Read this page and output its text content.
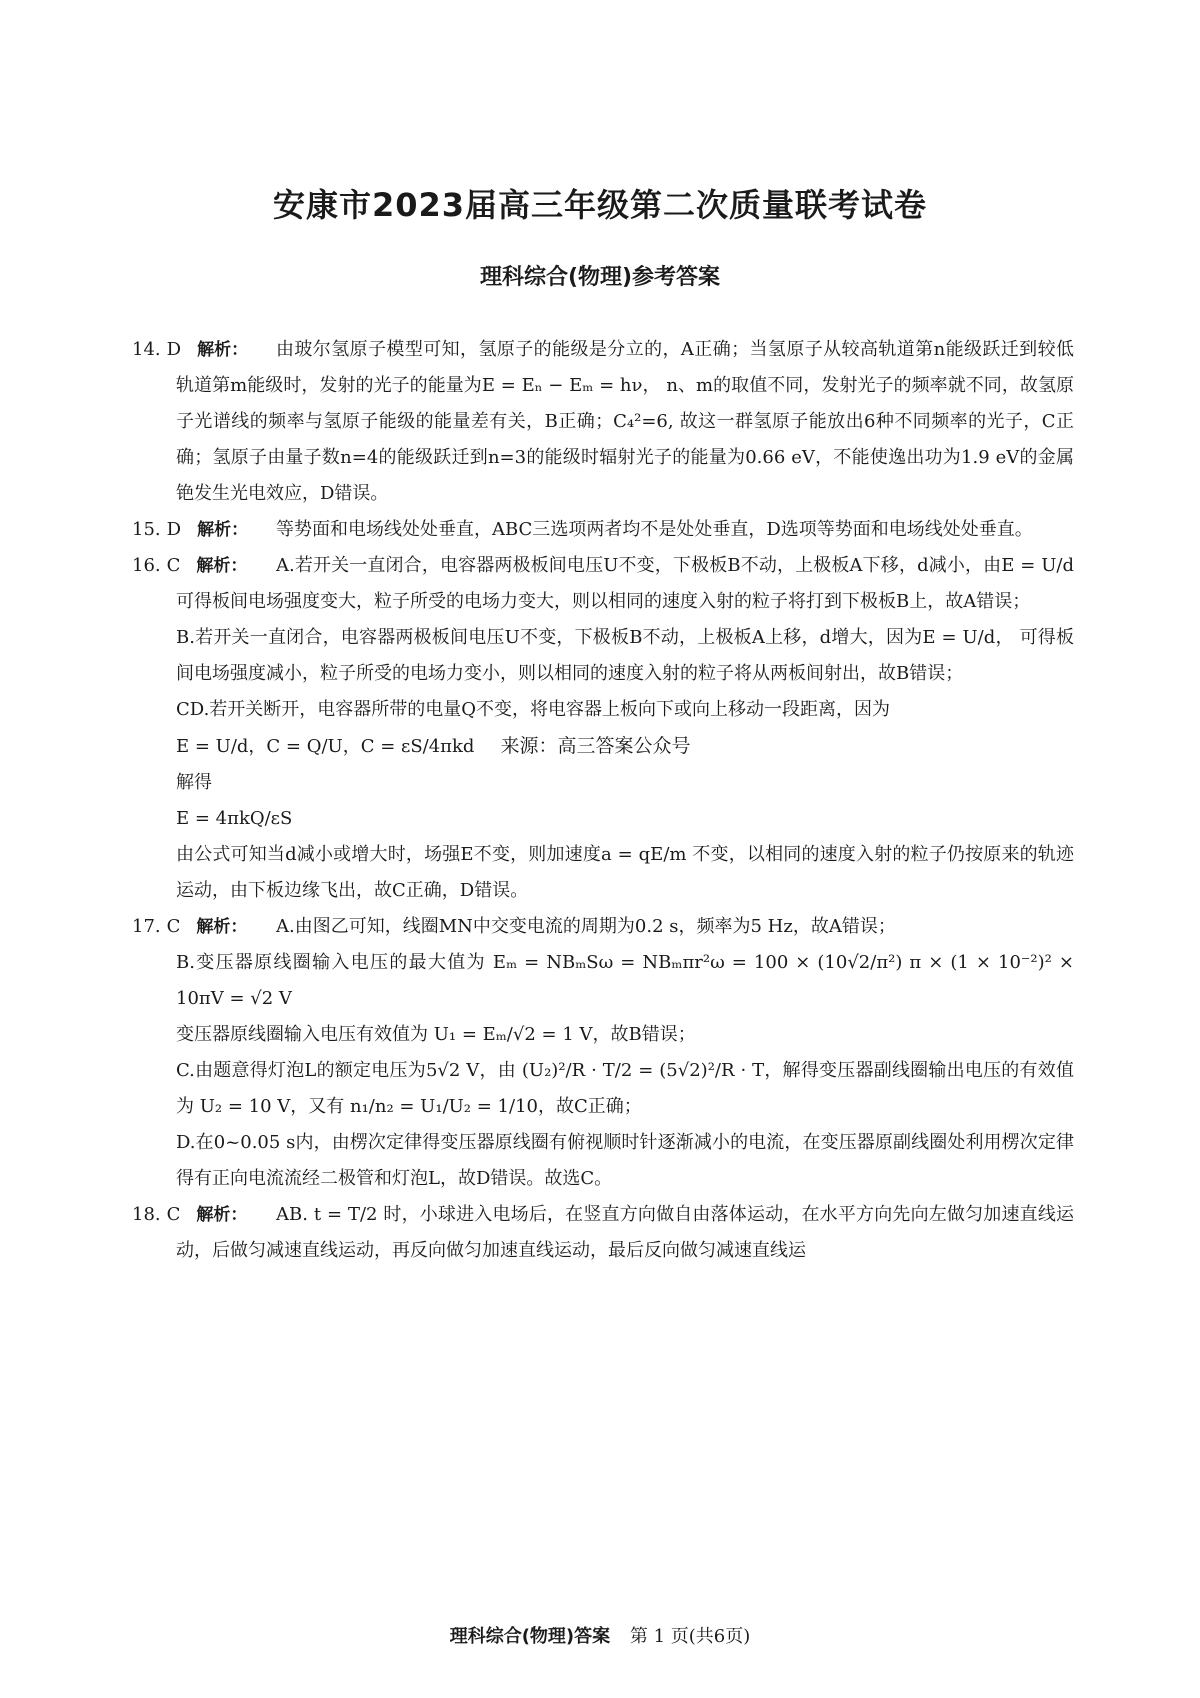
安康市2023届高三年级第二次质量联考试卷
理科综合(物理)参考答案
14. D 解析：	由玻尔氢原子模型可知，氢原子的能级是分立的，A正确；当氢原子从较高轨道第n能级跃迁到较低轨道第m能级时，发射的光子的能量为E = Eₙ − Eₘ = hν， n、m的取值不同，发射光子的频率就不同，故氢原子光谱线的频率与氢原子能级的能量差有关，B正确；C₄²=6, 故这一群氢原子能放出6种不同频率的光子，C正确；氢原子由量子数n=4的能级跃迁到n=3的能级时辐射光子的能量为0.66 eV，不能使逸出功为1.9 eV的金属铯发生光电效应，D错误。

15. D 解析：	等势面和电场线处处垂直，ABC三选项两者均不是处处垂直，D选项等势面和电场线处处垂直。

16. C 解析：	A.若开关一直闭合，电容器两极板间电压U不变，下极板B不动，上极板A下移，d减小，由E = U/d 可得板间电场强度变大，粒子所受的电场力变大，则以相同的速度入射的粒子将打到下极板B上，故A错误；

B.若开关一直闭合，电容器两极板间电压U不变，下极板B不动，上极板A上移，d增大，因为E = U/d， 可得板间电场强度减小，粒子所受的电场力变小，则以相同的速度入射的粒子将从两板间射出，故B错误；

CD.若开关断开，电容器所带的电量Q不变，将电容器上板向下或向上移动一段距离，因为

E = U/d，C = Q/U，C = εS/4πkd 来源：高三答案公众号

解得

E = 4πkQ/εS

由公式可知当d减小或增大时，场强E不变，则加速度a = qE/m 不变，以相同的速度入射的粒子仍按原来的轨迹运动，由下板边缘飞出，故C正确，D错误。

17. C 解析：	A.由图乙可知，线圈MN中交变电流的周期为0.2 s，频率为5 Hz，故A错误；

B.变压器原线圈输入电压的最大值为 Eₘ = NBₘSω = NBₘπr²ω = 100 × (10√2/π²) π × (1 × 10⁻²)² × 10πV = √2 V

变压器原线圈输入电压有效值为 U₁ = Eₘ/√2 = 1 V，故B错误；

C.由题意得灯泡L的额定电压为5√2 V，由 (U₂)²/R · T/2 = (5√2)²/R · T，解得变压器副线圈输出电压的有效值为 U₂ = 10 V，又有 n₁/n₂ = U₁/U₂ = 1/10，故C正确；

D.在0~0.05 s内，由楞次定律得变压器原线圈有俯视顺时针逐渐减小的电流，在变压器原副线圈处利用楞次定律得有正向电流流经二极管和灯泡L，故D错误。故选C。

18. C 解析：	AB. t = T/2 时，小球进入电场后，在竖直方向做自由落体运动，在水平方向先向左做匀加速直线运动，后做匀减速直线运动，再反向做匀加速直线运动，最后反向做匀减速直线运

理科综合(物理)答案 第 1 页(共6页)
